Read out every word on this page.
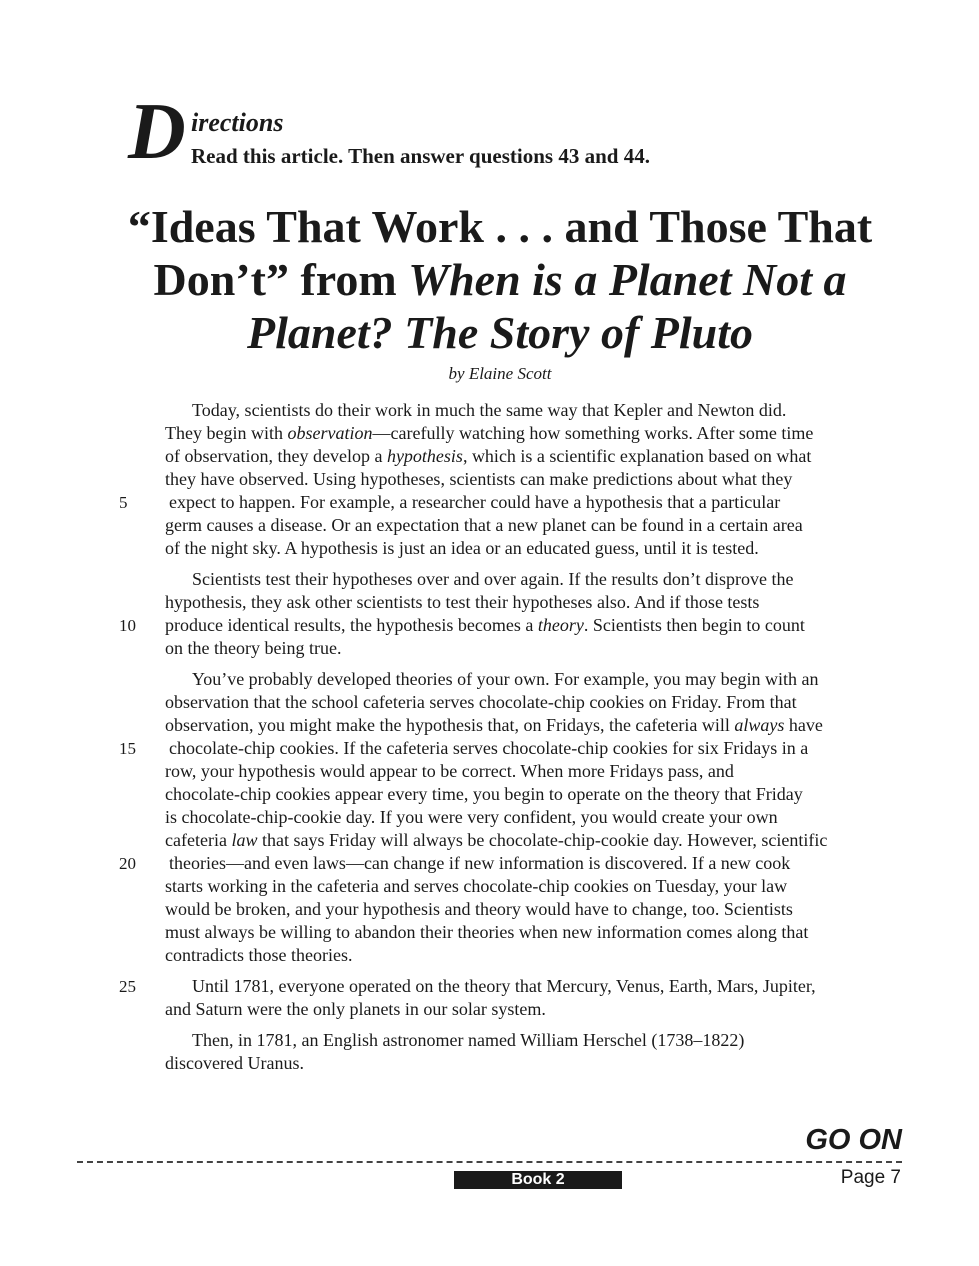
D irections
Read this article. Then answer questions 43 and 44.
“Ideas That Work . . . and Those That
Don’t” from When is a Planet Not a
Planet? The Story of Pluto
by Elaine Scott
Today, scientists do their work in much the same way that Kepler and Newton did.
They begin with observation—carefully watching how something works. After some time
of observation, they develop a hypothesis, which is a scientific explanation based on what
they have observed. Using hypotheses, scientists can make predictions about what they
expect to happen. For example, a researcher could have a hypothesis that a particular
germ causes a disease. Or an expectation that a new planet can be found in a certain area
of the night sky. A hypothesis is just an idea or an educated guess, until it is tested.
Scientists test their hypotheses over and over again. If the results don’t disprove the
hypothesis, they ask other scientists to test their hypotheses also. And if those tests
produce identical results, the hypothesis becomes a theory. Scientists then begin to count
on the theory being true.
You’ve probably developed theories of your own. For example, you may begin with an
observation that the school cafeteria serves chocolate-chip cookies on Friday. From that
observation, you might make the hypothesis that, on Fridays, the cafeteria will always have
chocolate-chip cookies. If the cafeteria serves chocolate-chip cookies for six Fridays in a
row, your hypothesis would appear to be correct. When more Fridays pass, and
chocolate-chip cookies appear every time, you begin to operate on the theory that Friday
is chocolate-chip-cookie day. If you were very confident, you would create your own
cafeteria law that says Friday will always be chocolate-chip-cookie day. However, scientific
theories—and even laws—can change if new information is discovered. If a new cook
starts working in the cafeteria and serves chocolate-chip cookies on Tuesday, your law
would be broken, and your hypothesis and theory would have to change, too. Scientists
must always be willing to abandon their theories when new information comes along that
contradicts those theories.
Until 1781, everyone operated on the theory that Mercury, Venus, Earth, Mars, Jupiter,
and Saturn were the only planets in our solar system.
Then, in 1781, an English astronomer named William Herschel (1738–1822)
discovered Uranus.
5
10
15
20
25
GO ON
Book 2	Page 7
